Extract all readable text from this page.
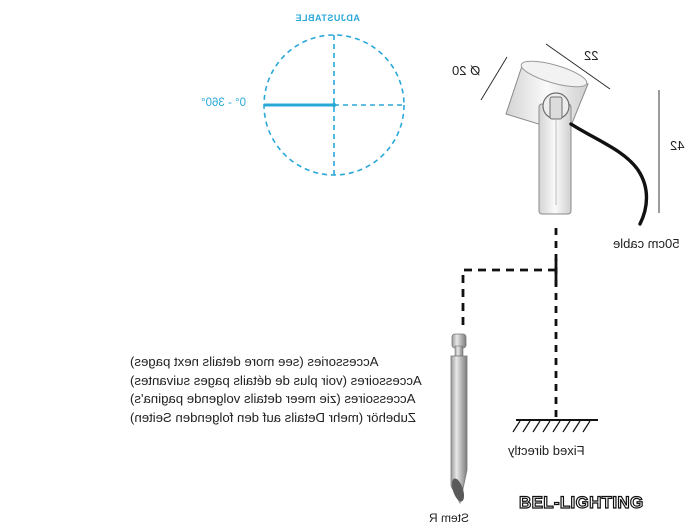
ADJUSTABLE
0° - 360°
Ø 20
22
42
50cm cable
Fixed directly
Stem R
Accessories (see more details next pages)
Accessoires (voir plus de détails pages suivantes)
Accessoires (zie meer details volgende pagina's)
Zubehör (mehr Details auf den folgenden Seiten)
BEL-LIGHTING
